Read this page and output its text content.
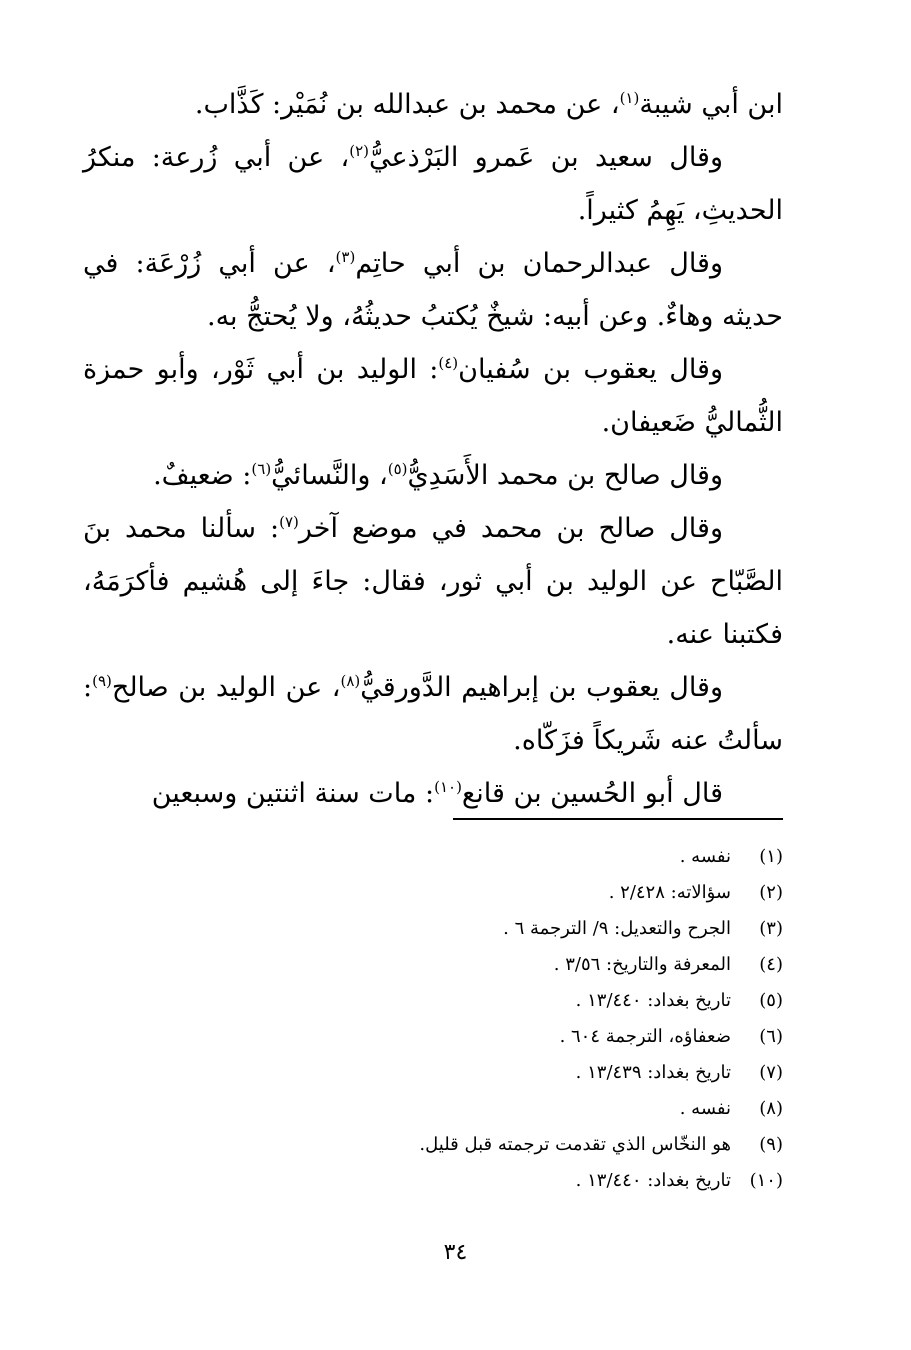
ابن أبي شيبة$^{(١)}$، عن محمد بن عبدالله بن نُمَيْر: كَذَّاب.

وقال سعيد بن عَمرو البَرْذعيُّ$^{(٢)}$، عن أبي زُرعة: منكرُ الحديثِ، يَهِمُ كثيراً.

وقال عبدالرحمان بن أبي حاتِم$^{(٣)}$، عن أبي زُرْعَة: في حديثه وهاءٌ. وعن أبيه: شيخٌ يُكتبُ حديثُهُ، ولا يُحتجُّ به.

وقال يعقوب بن سُفيان$^{(٤)}$: الوليد بن أبي ثَوْر، وأبو حمزة الثُّماليُّ ضَعيفان.

وقال صالح بن محمد الأَسَدِيُّ$^{(٥)}$، والنَّسائيُّ$^{(٦)}$: ضعيفٌ.

وقال صالح بن محمد في موضع آخر$^{(٧)}$: سألنا محمد بنَ الصَّبّاح عن الوليد بن أبي ثور، فقال: جاءَ إلى هُشيم فأكرَمَهُ، فكتبنا عنه.

وقال يعقوب بن إبراهيم الدَّورقيُّ$^{(٨)}$، عن الوليد بن صالح$^{(٩)}$: سألتُ عنه شَريكاً فزَكّاه.

قال أبو الحُسين بن قانع$^{(١٠)}$: مات سنة اثنتين وسبعين

(١)
نفسه .
(٢)
سؤالاته: ٢/٤٢٨ .
(٣)
الجرح والتعديل: ٩/ الترجمة ٦ .
(٤)
المعرفة والتاريخ: ٣/٥٦ .
(٥)
تاريخ بغداد: ١٣/٤٤٠ .
(٦)
ضعفاؤه، الترجمة ٦٠٤ .
(٧)
تاريخ بغداد: ١٣/٤٣٩ .
(٨)
نفسه .
(٩)
هو النخّاس الذي تقدمت ترجمته قبل قليل.
(١٠)
تاريخ بغداد: ١٣/٤٤٠ .
٣٤
